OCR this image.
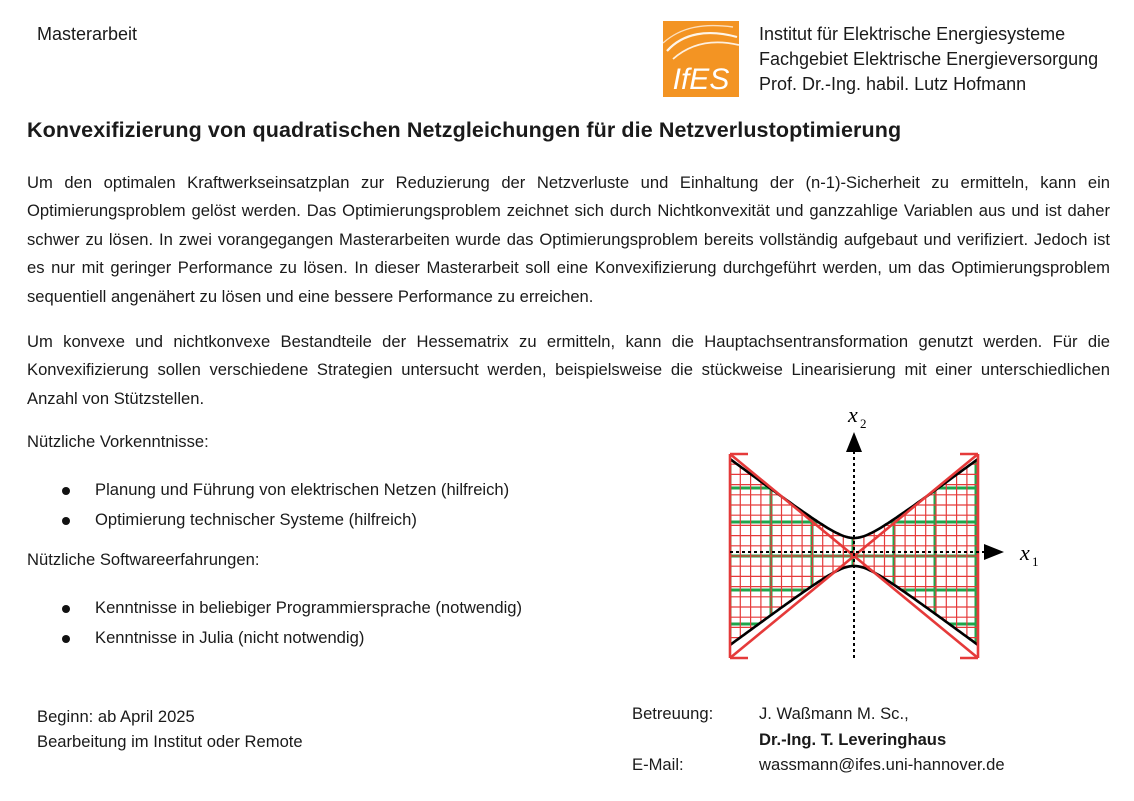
Masterarbeit
IfES
Institut für Elektrische Energiesysteme
Fachgebiet Elektrische Energieversorgung
Prof. Dr.-Ing. habil. Lutz Hofmann
Konvexifizierung von quadratischen Netzgleichungen für die Netzverlustoptimierung
Um den optimalen Kraftwerkseinsatzplan zur Reduzierung der Netzverluste und Einhaltung der (n-1)-Sicherheit zu ermitteln, kann ein Optimierungsproblem gelöst werden. Das Optimierungsproblem zeichnet sich durch Nichtkonvexität und ganzzahlige Variablen aus und ist daher schwer zu lösen. In zwei vorangegangen Masterarbeiten wurde das Optimierungsproblem bereits vollständig aufgebaut und verifiziert. Jedoch ist es nur mit geringer Performance zu lösen. In dieser Masterarbeit soll eine Konvexifizierung durchgeführt werden, um das Optimierungsproblem sequentiell angenähert zu lösen und eine bessere Performance zu erreichen.
Um konvexe und nichtkonvexe Bestandteile der Hessematrix zu ermitteln, kann die Hauptachsentransformation genutzt werden. Für die Konvexifizierung sollen verschiedene Strategien untersucht werden, beispielsweise die stückweise Linearisierung mit einer unterschiedlichen Anzahl von Stützstellen.
Nützliche Vorkenntnisse:
Planung und Führung von elektrischen Netzen (hilfreich)
Optimierung technischer Systeme (hilfreich)
Nützliche Softwareerfahrungen:
Kenntnisse in beliebiger Programmiersprache (notwendig)
Kenntnisse in Julia (nicht notwendig)
x 1
x 2
Beginn: ab April 2025
Bearbeitung im Institut oder Remote
Betreuung:	J. Waßmann M. Sc.,
Dr.-Ing. T. Leveringhaus
E-Mail:	wassmann@ifes.uni-hannover.de
